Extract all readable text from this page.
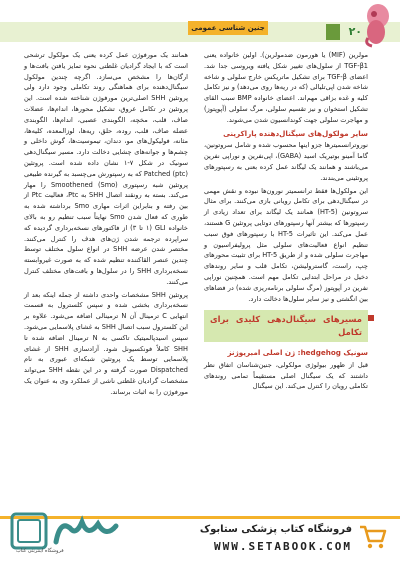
۲۰
جنین شناسی عمومی

مولرین (MIF) یا هورمون ضدمولرین). اولین خانواده یعنی TGF-β1 از سلول‌های تغییر شکل یافته ویروسی جدا شد. اعضای TGF-β برای تشکیل ماتریکس خارج سلولی و شاخه شاخه شدن اپی‌تلیالی (که در ریه‌ها روی می‌دهد) و نیز تکامل کلیه و غده بزاقی مهم‌اند. اعضای خانواده BMP سبب القای تشکیل استخوان و نیز تقسیم سلولی، مرگ سلولی (آپوپتوز) و مهاجرت سلولی جهت کوندانسیون شدن می‌شوند.

سایر مولکول‌های سیگنال‌دهنده پاراکرینی

نوروترانسمیترها جزو اینها محسوب شده و شامل سروتونین، گاما آمینو بوتیریک اسید (GABA)، اپی‌نفرین و نوراپی نفرین می‌باشند و همانند یک لیگاند عمل کرده بعنی به رسپتورهای پروتئینی می‌بندند.

این مولکول‌ها فقط ترانسمیتر نورون‌ها نبوده و نقش مهمی در سیگنال‌دهی برای تکامل رویانی بازی می‌کنند. برای مثال سروتونین (HT-5) همانند یک لیگاند برای تعداد زیادی از رسپتورها که بیشتر آنها رسپتورهای دوتایی پروتئین G هستند، عمل می‌کند. این تاثیرات HT-5 با رسپتورهای فوق سبب تنظیم انواع فعالیت‌های سلولی مثل پرولیفراسیون و مهاجرت سلولی شده و از طریق HT-5 برای تثبیت محورهای چپ، راست، گاسترولیشن، تکامل قلب و سایر روندهای دخیل در مراحل ابتدایی تکامل مهم است. همچنین نوراپی نفرین در آپوپتوز (مرگ سلولی برنامه‌ریزی شده) در فضاهای بین انگشتی و نیز سایر سلول‌ها دخالت دارد.

مسیرهای سیگنال‌دهی کلیدی برای تکامل
سونیک hedgehog: ژن اصلی امبریوژنز

قبل از ظهور بیولوژی مولکولی، جنین‌شناسان اتفاق نظر داشتند که یک سیگنال اصلی مستقیماً تمامی روندهای تکاملی رویان را کنترل می‌کند. این سیگنال

همانند یک مورفوژن عمل کرده یعنی یک مولکول ترشحی است که با ایجاد گرادیان غلظتی نحوه تمایز یافتن بافت‌ها و ارگان‌ها را مشخص می‌سازد. اگرچه چندین مولکول سیگنال‌دهنده برای هماهنگی روند تکاملی وجود دارد ولی پروتئین SHH اصلی‌ترین مورفوژن شناخته شده است. این پروتئین در تکامل عروق، تشکیل محورها، اندام‌ها، عضلات صاف، قلب، مخچه، الگوبندی عصبی، اندام‌ها، الگوبندی عضله صاف، قلب، روده، حلق، ریه‌ها، لوزالمعده، کلیه‌ها، مثانه، فولیکول‌های مو، دندان، تیموسیت‌ها، گوش داخلی و چشم‌ها و جوانه‌های چشایی دخالت دارد. مسیر سیگنال‌دهی سونیک در شکل ۷-۱ نشان داده شده است. پروتئین Patched (ptc) که به رسپتورش می‌چسبد به گیرنده طبیعی پروتئین شبه رسپتوری Smoothened (Smo) را مهار می‌کند. بسته به رونقند اتصال SHH به Ptc، فعالیت Ptc از بین رفته و بنابراین اثرات مهاری Smo برداشته شده به طوری که فعال شدن Smo نهایتاً سبب تنظیم رو به بالای خانواده GLI (۱ تا ۳) از فاکتورهای نسخه‌برداری گردیده که سراپرده ترجمه شدن ژن‌های هدف را کنترل می‌کنند. مختصر شدن عرضه SHH در انواع سلول مختلف توسط چندین عنصر القاکننده تنظیم شده که به صورت غیروابسته نسخه‌برداری SHH را در سلول‌ها و بافت‌های مختلف کنترل می‌کنند.

پروتئین SHH مشخصات واحدی داشته از جمله اینکه بعد از نسخه‌برداری بخشی شده و سپس کلسترول به قسمت انتهایی C ترمینال آن N ترمینالی اضافه می‌شود. علاوه بر این کلسترول سبب اتصال SHH به غشای پلاسمایی می‌شود. سپس اسیدپالمیتیک تاکسی به N ترمینال اضافه شده تا SHH کاملاً فونکسیونل شود. آزادسازی SHH از غشای پلاسمایی توسط یک پروتئین شبکه‌ای عبوری به نام Dispatched صورت گرفته و در این نقطه SHH می‌تواند مشخصات گرادیان غلظتی ناشی از عملکرد وی به عنوان یک مورفوژن را به اثبات برساند.

فروشگاه اینترنتی کتاب
فروشگاه کتاب پزشکی ستابوک
WWW.SETABOOK.COM
